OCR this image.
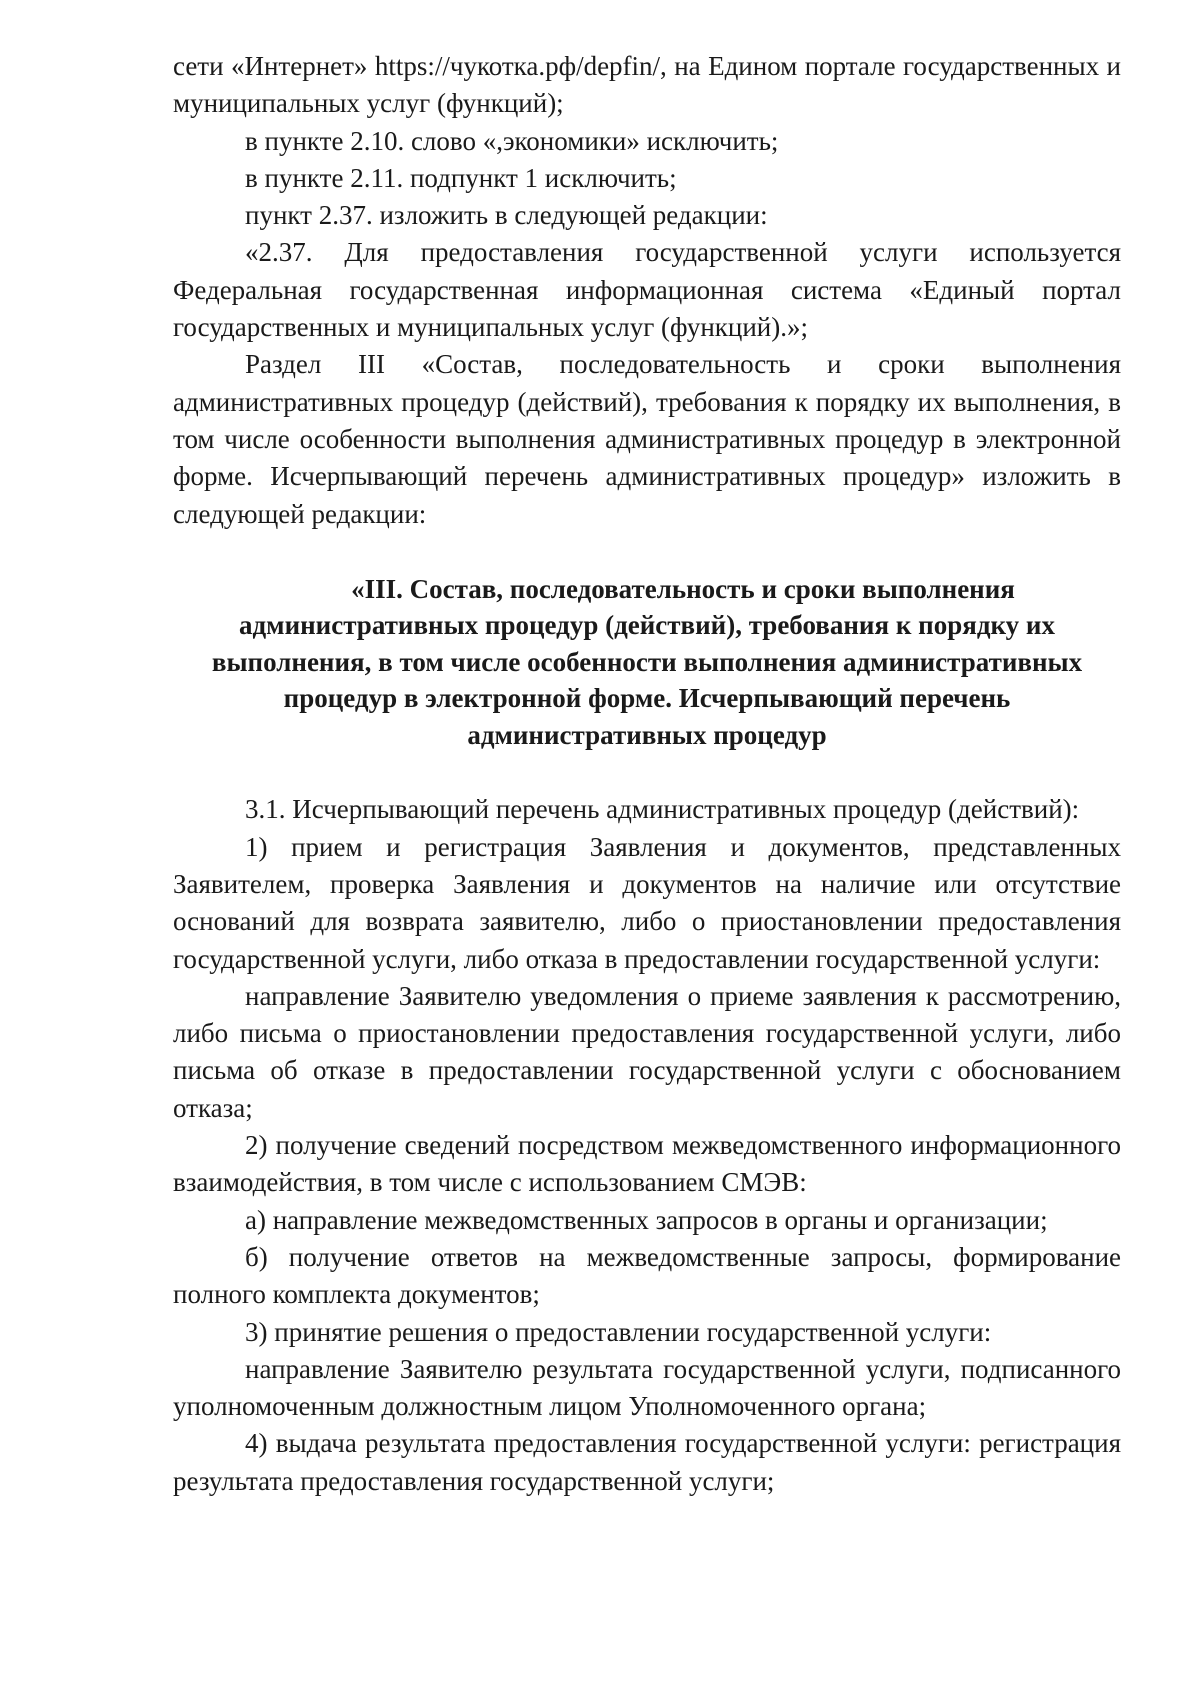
сети «Интернет» https://чукотка.рф/depfin/, на Едином портале государственных и муниципальных услуг (функций);

в пункте 2.10. слово «,экономики» исключить;

в пункте 2.11. подпункт 1 исключить;

пункт 2.37. изложить в следующей редакции:

«2.37. Для предоставления государственной услуги используется Федеральная государственная информационная система «Единый портал государственных и муниципальных услуг (функций).»;

Раздел III «Состав, последовательность и сроки выполнения административных процедур (действий), требования к порядку их выполнения, в том числе особенности выполнения административных процедур в электронной форме. Исчерпывающий перечень административных процедур» изложить в следующей редакции:

«III. Состав, последовательность и сроки выполнения
административных процедур (действий), требования к порядку их
выполнения, в том числе особенности выполнения административных
процедур в электронной форме. Исчерпывающий перечень
административных процедур

3.1. Исчерпывающий перечень административных процедур (действий):

1) прием и регистрация Заявления и документов, представленных Заявителем, проверка Заявления и документов на наличие или отсутствие оснований для возврата заявителю, либо о приостановлении предоставления государственной услуги, либо отказа в предоставлении государственной услуги:

направление Заявителю уведомления о приеме заявления к рассмотрению, либо письма о приостановлении предоставления государственной услуги, либо письма об отказе в предоставлении государственной услуги с обоснованием отказа;

2) получение сведений посредством межведомственного информационного взаимодействия, в том числе с использованием СМЭВ:

а) направление межведомственных запросов в органы и организации;

б) получение ответов на межведомственные запросы, формирование полного комплекта документов;

3) принятие решения о предоставлении государственной услуги:

направление Заявителю результата государственной услуги, подписанного уполномоченным должностным лицом Уполномоченного органа;

4) выдача результата предоставления государственной услуги: регистрация результата предоставления государственной услуги;
